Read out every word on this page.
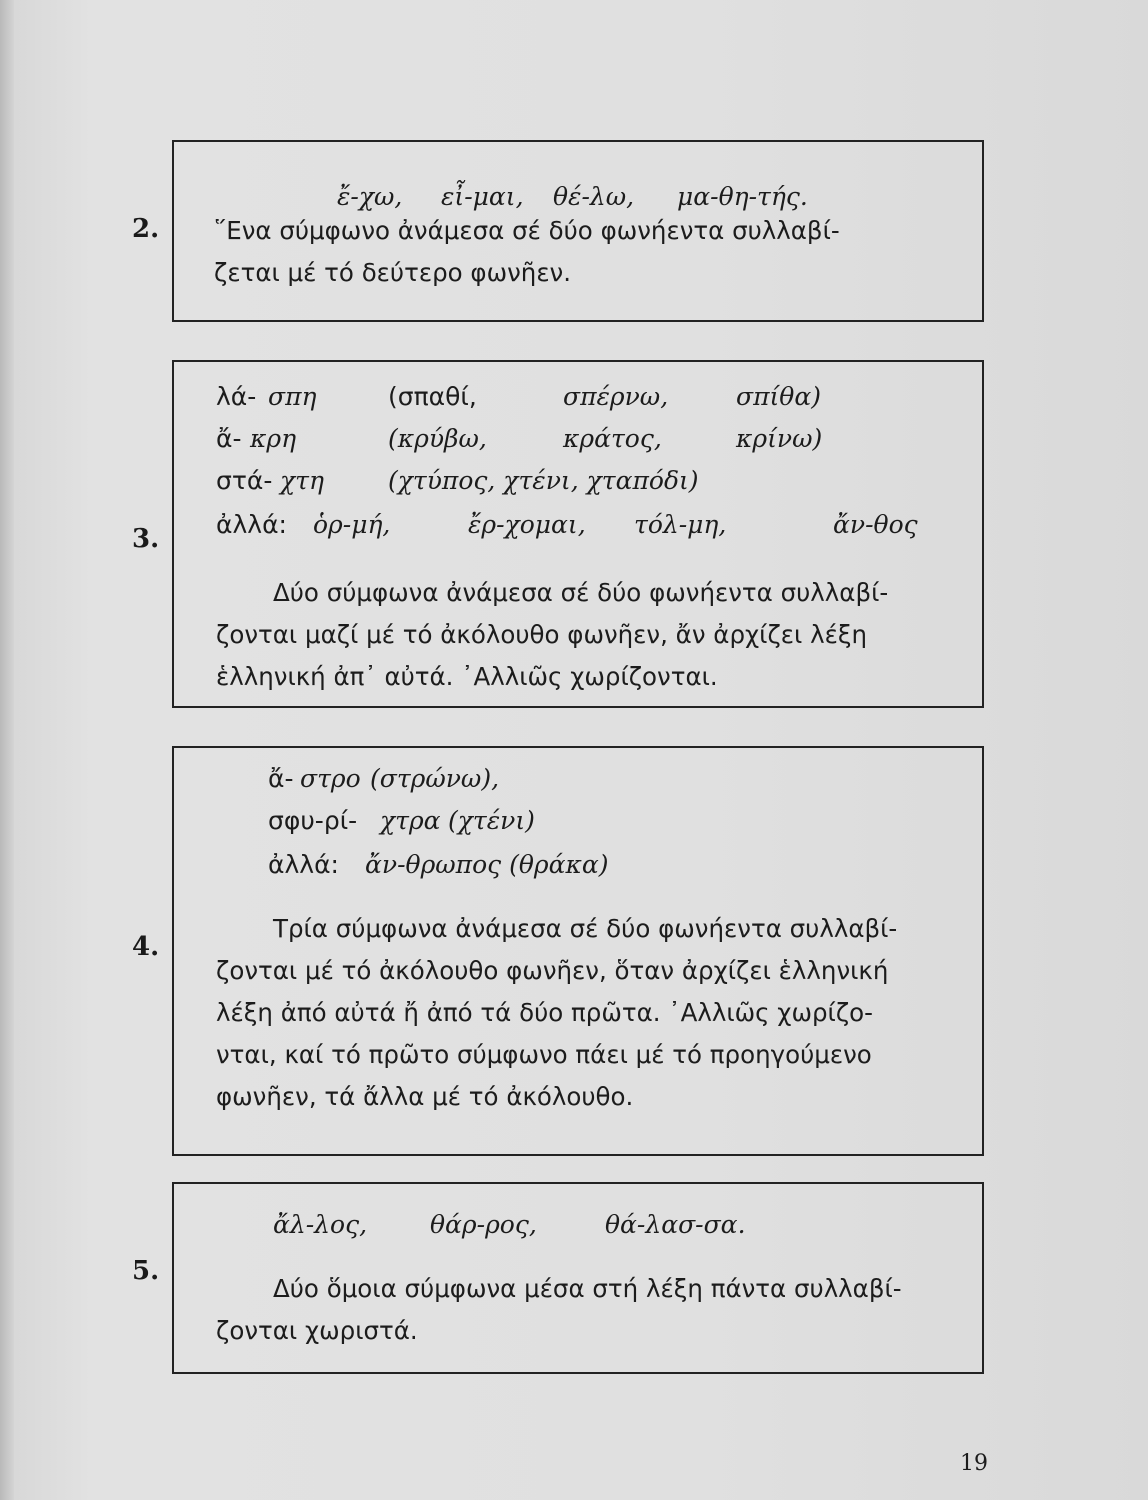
2.
ἔ-χω, εἶ-μαι, θέ-λω, μα-θη-τής.
῞Ενα σύμφωνο ἀνάμεσα σέ δύο φωνήεντα συλλαβί-
ζεται μέ τό δεύτερο φωνῆεν.
3.
λά- σπη	(σπαθί,	σπέρνω,	σπίθα)
ἄ- κρη	(κρύβω,	κράτος,	κρίνω)
στά- χτη	(χτύπος, χτένι, χταπόδι)
ἀλλά: ὁρ-μή,	ἔρ-χομαι, τόλ-μη,	ἄν-θος
Δύο σύμφωνα ἀνάμεσα σέ δύο φωνήεντα συλλαβί-
ζονται μαζί μέ τό ἀκόλουθο φωνῆεν, ἄν ἀρχίζει λέξη
ἑλληνική ἀπ᾿ αὐτά. ᾿Αλλιῶς χωρίζονται.
4.
ἄ- στρο (στρώνω),
σφυ-ρί- χτρα (χτένι)
ἀλλά: ἄν-θρωπος (θράκα)
Τρία σύμφωνα ἀνάμεσα σέ δύο φωνήεντα συλλαβί-
ζονται μέ τό ἀκόλουθο φωνῆεν, ὅταν ἀρχίζει ἑλληνική
λέξη ἀπό αὐτά ἤ ἀπό τά δύο πρῶτα. ᾿Αλλιῶς χωρίζο-
νται, καί τό πρῶτο σύμφωνο πάει μέ τό προηγούμενο
φωνῆεν, τά ἄλλα μέ τό ἀκόλουθο.
5.
ἄλ-λος,	θάρ-ρος,	θά-λασ-σα.
Δύο ὅμοια σύμφωνα μέσα στή λέξη πάντα συλλαβί-
ζονται χωριστά.
19
